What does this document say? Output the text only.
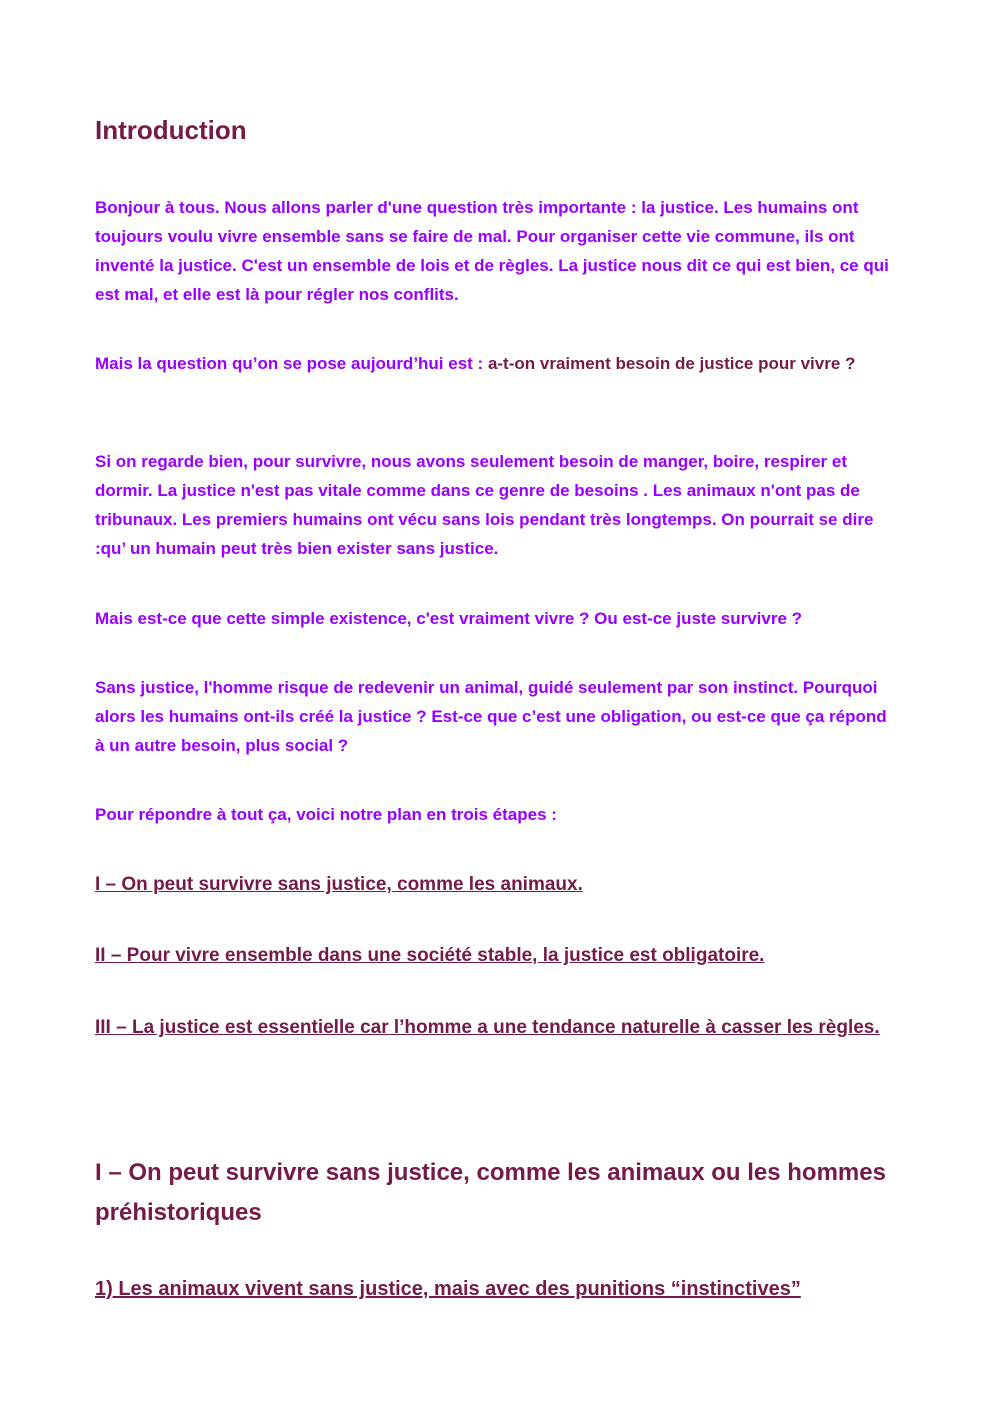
Introduction

Bonjour à tous. Nous allons parler d'une question très importante : la justice. Les humains ont toujours voulu vivre ensemble sans se faire de mal. Pour organiser cette vie commune, ils ont inventé la justice. C'est un ensemble de lois et de règles. La justice nous dit ce qui est bien, ce qui est mal, et elle est là pour régler nos conflits.

Mais la question qu’on se pose aujourd’hui est : a-t-on vraiment besoin de justice pour vivre ?

Si on regarde bien, pour survivre, nous avons seulement besoin de manger, boire, respirer et dormir. La justice n'est pas vitale comme dans ce genre de besoins . Les animaux n'ont pas de tribunaux. Les premiers humains ont vécu sans lois pendant très longtemps. On pourrait se dire :qu’ un humain peut très bien exister sans justice.

Mais est-ce que cette simple existence, c'est vraiment vivre ? Ou est-ce juste survivre ?

Sans justice, l'homme risque de redevenir un animal, guidé seulement par son instinct. Pourquoi alors les humains ont-ils créé la justice ? Est-ce que c’est une obligation, ou est-ce que ça répond à un autre besoin, plus social ?

Pour répondre à tout ça, voici notre plan en trois étapes :

I – On peut survivre sans justice, comme les animaux.

II – Pour vivre ensemble dans une société stable, la justice est obligatoire.

III – La justice est essentielle car l’homme a une tendance naturelle à casser les règles.

I – On peut survivre sans justice, comme les animaux ou les hommes préhistoriques
1) Les animaux vivent sans justice, mais avec des punitions “instinctives”
